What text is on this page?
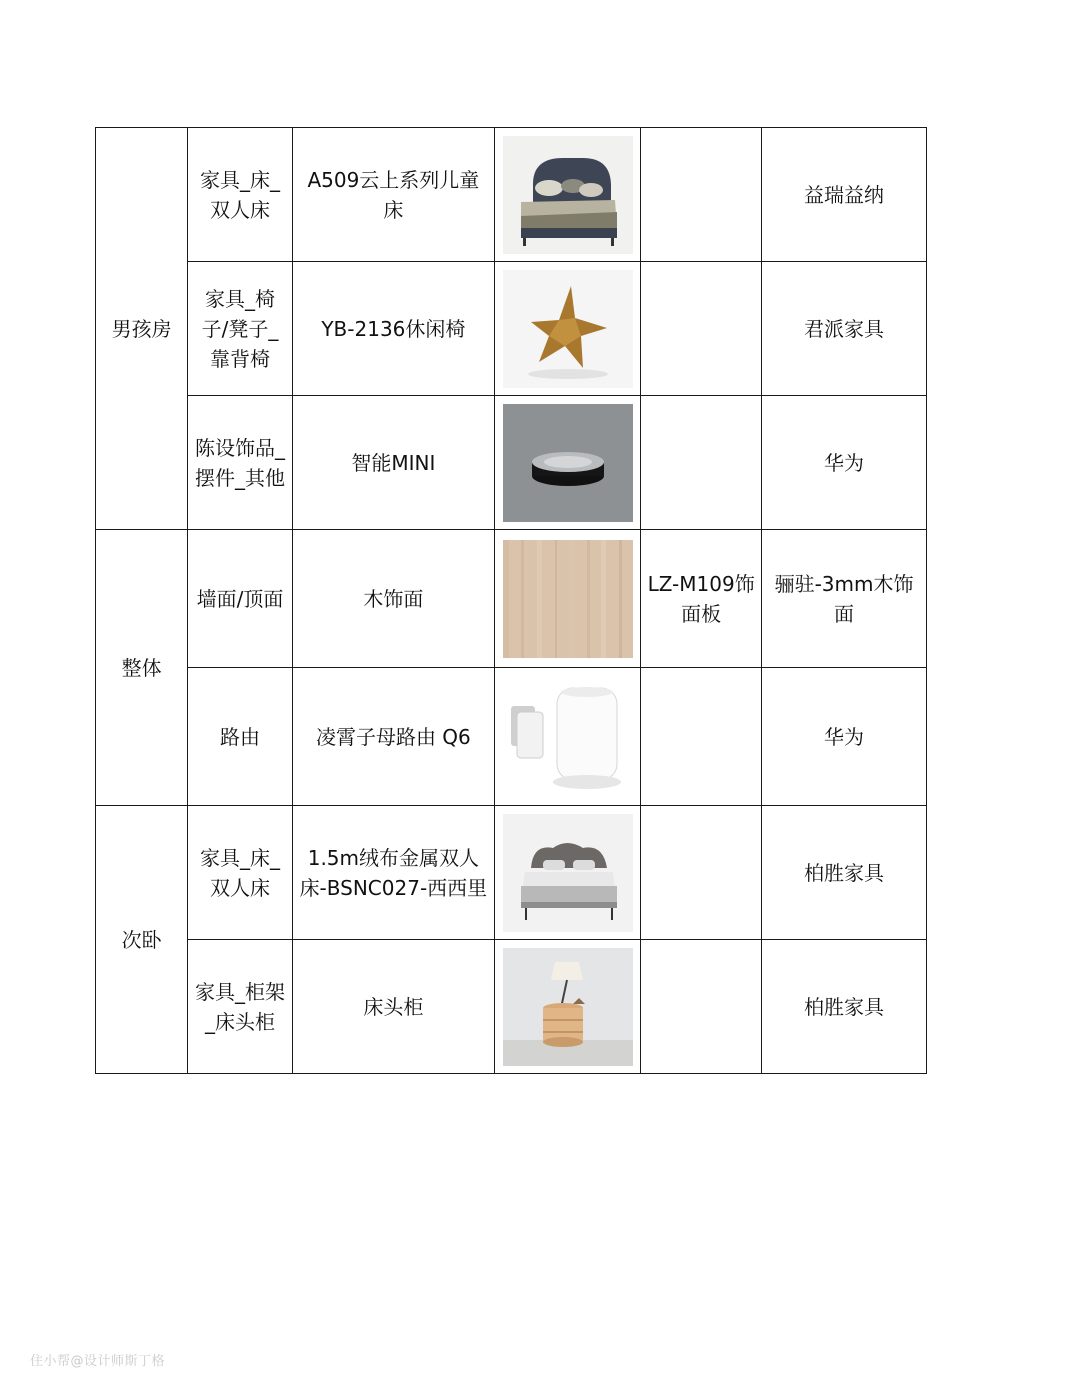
男孩房	家具_床_双人床	A509云上系列儿童床			益瑞益纳
	家具_椅子/凳子_靠背椅	YB-2136休闲椅			君派家具
	陈设饰品_摆件_其他	智能MINI			华为
整体	墙面/顶面	木饰面		LZ-M109饰面板	骊驻-3mm木饰面
	路由	凌霄子母路由 Q6			华为
次卧	家具_床_双人床	1.5m绒布金属双人床-BSNC027-西西里			柏胜家具
	家具_柜架_床头柜	床头柜			柏胜家具
住小帮@设计师斯丁格
